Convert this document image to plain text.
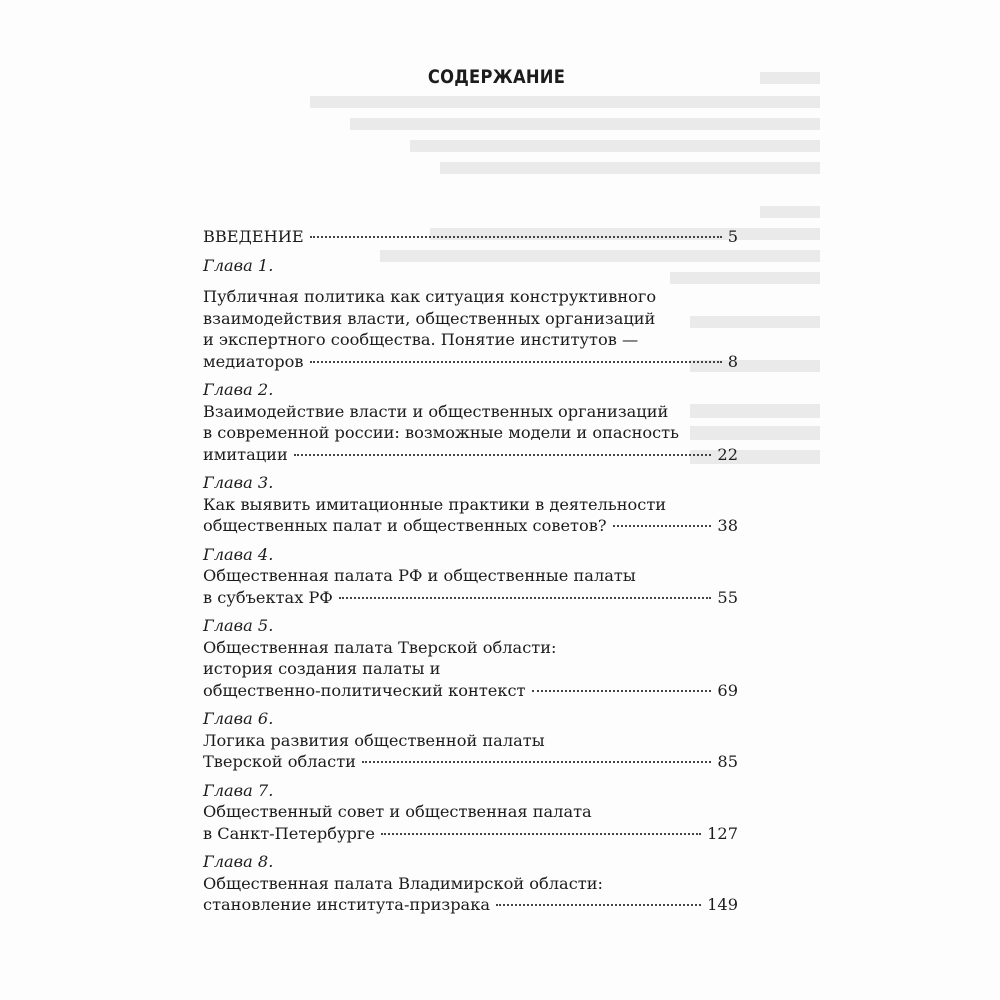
СОДЕРЖАНИЕ
ВВЕДЕНИЕ	5
Глава 1.
Публичная политика как ситуация конструктивного
взаимодействия власти, общественных организаций
и экспертного сообщества. Понятие институтов —
медиаторов	8
Глава 2.
Взаимодействие власти и общественных организаций
в современной россии: возможные модели и опасность
имитации	22
Глава 3.
Как выявить имитационные практики в деятельности
общественных палат и общественных советов?	38
Глава 4.
Общественная палата РФ и общественные палаты
в субъектах РФ	55
Глава 5.
Общественная палата Тверской области:
история создания палаты и
общественно-политический контекст	69
Глава 6.
Логика развития общественной палаты
Тверской области	85
Глава 7.
Общественный совет и общественная палата
в Санкт-Петербурге	127
Глава 8.
Общественная палата Владимирской области:
становление института-призрака	149
